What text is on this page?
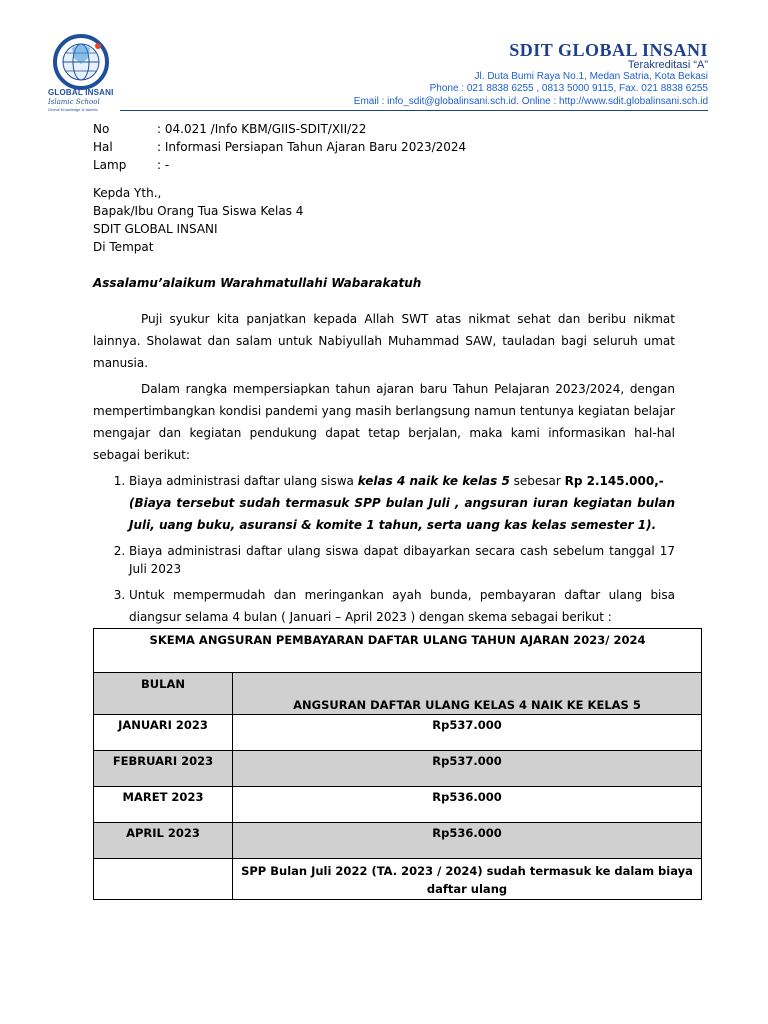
GLOBAL INSANI
Islamic School
Global Knowledge & Islamic
SDIT GLOBAL INSANI
Terakreditasi “A”
Jl. Duta Bumi Raya No.1, Medan Satria, Kota Bekasi
Phone : 021 8838 6255 , 0813 5000 9115, Fax. 021 8838 6255
Email : info_sdit@globalinsani.sch.id. Online : http://www.sdit.globalinsani.sch.id
No	: 04.021 /Info KBM/GIIS-SDIT/XII/22
Hal	: Informasi Persiapan Tahun Ajaran Baru 2023/2024
Lamp	: -
Kepda Yth.,
Bapak/Ibu Orang Tua Siswa Kelas 4
SDIT GLOBAL INSANI
Di Tempat
Assalamu’alaikum Warahmatullahi Wabarakatuh

Puji syukur kita panjatkan kepada Allah SWT atas nikmat sehat dan beribu nikmat lainnya. Sholawat dan salam untuk Nabiyullah Muhammad SAW, tauladan bagi seluruh umat manusia.

Dalam rangka mempersiapkan tahun ajaran baru Tahun Pelajaran 2023/2024, dengan mempertimbangkan kondisi pandemi yang masih berlangsung namun tentunya kegiatan belajar mengajar dan kegiatan pendukung dapat tetap berjalan, maka kami informasikan hal-hal sebagai berikut:

1. Biaya administrasi daftar ulang siswa kelas 4 naik ke kelas 5 sebesar Rp 2.145.000,-
(Biaya tersebut sudah termasuk SPP bulan Juli , angsuran iuran kegiatan bulan Juli, uang buku, asuransi & komite 1 tahun, serta uang kas kelas semester 1).
2. Biaya administrasi daftar ulang siswa dapat dibayarkan secara cash sebelum tanggal 17 Juli 2023
3. Untuk mempermudah dan meringankan ayah bunda, pembayaran daftar ulang bisa diangsur selama 4 bulan ( Januari – April 2023 ) dengan skema sebagai berikut :
SKEMA ANGSURAN PEMBAYARAN DAFTAR ULANG TAHUN AJARAN 2023/ 2024	
BULAN	ANGSURAN DAFTAR ULANG KELAS 4 NAIK KE KELAS 5
JANUARI 2023	Rp537.000
FEBRUARI 2023	Rp537.000
MARET 2023	Rp536.000
APRIL 2023	Rp536.000
	SPP Bulan Juli 2022 (TA. 2023 / 2024) sudah termasuk ke dalam biaya daftar ulang
